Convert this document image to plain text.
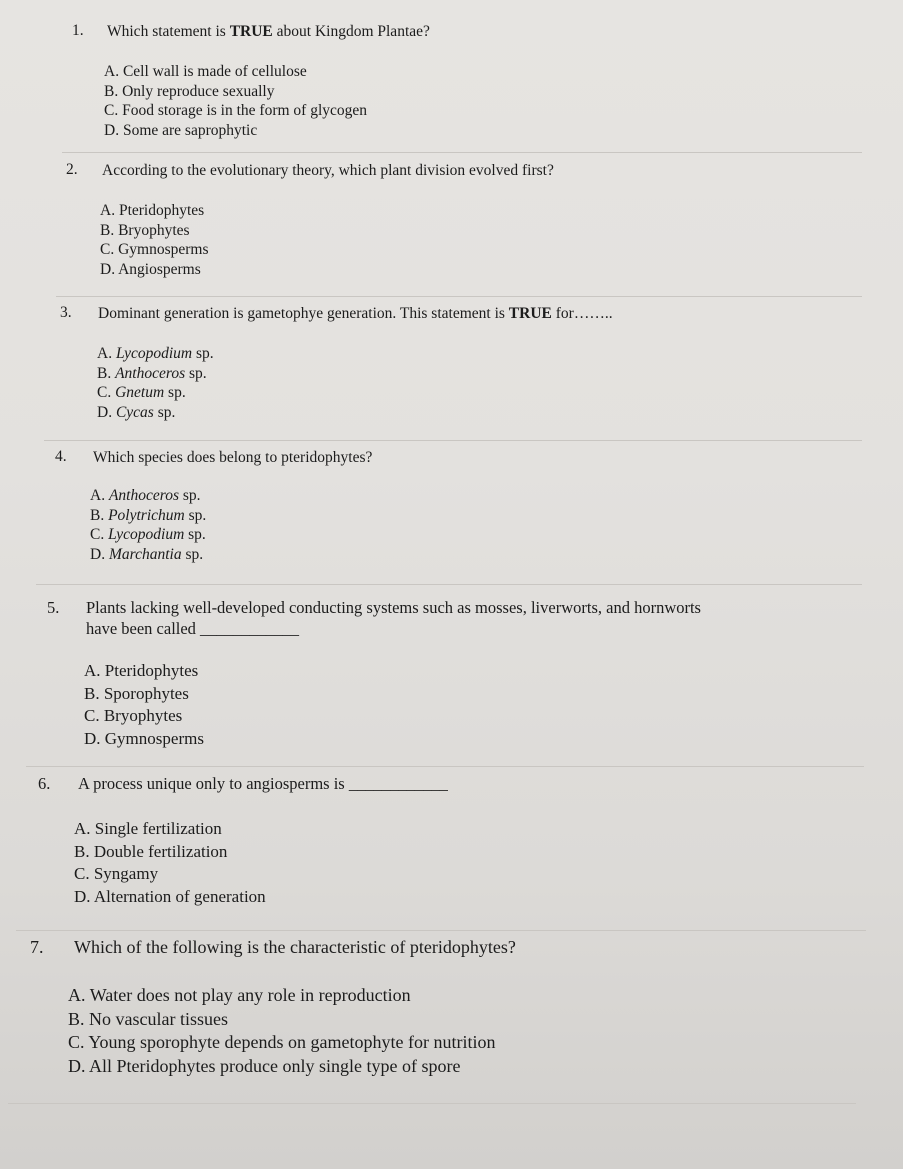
1. Which statement is TRUE about Kingdom Plantae?
A. Cell wall is made of cellulose
B. Only reproduce sexually
C. Food storage is in the form of glycogen
D. Some are saprophytic
2. According to the evolutionary theory, which plant division evolved first?
A. Pteridophytes
B. Bryophytes
C. Gymnosperms
D. Angiosperms
3. Dominant generation is gametophye generation. This statement is TRUE for……..
A. Lycopodium sp.
B. Anthoceros sp.
C. Gnetum sp.
D. Cycas sp.
4. Which species does belong to pteridophytes?
A. Anthoceros sp.
B. Polytrichum sp.
C. Lycopodium sp.
D. Marchantia sp.
5. Plants lacking well-developed conducting systems such as mosses, liverworts, and hornworts
have been called ____________
A. Pteridophytes
B. Sporophytes
C. Bryophytes
D. Gymnosperms
6. A process unique only to angiosperms is ____________
A. Single fertilization
B. Double fertilization
C. Syngamy
D. Alternation of generation
7. Which of the following is the characteristic of pteridophytes?
A. Water does not play any role in reproduction
B. No vascular tissues
C. Young sporophyte depends on gametophyte for nutrition
D. All Pteridophytes produce only single type of spore
